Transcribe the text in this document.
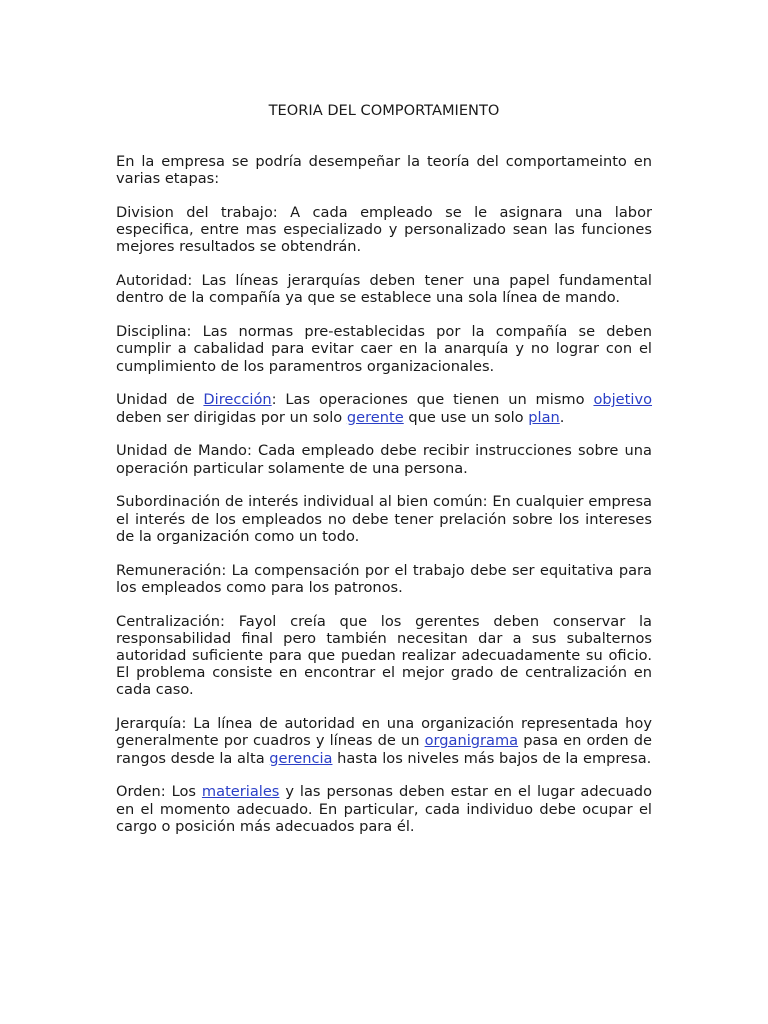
TEORIA DEL COMPORTAMIENTO

En la empresa se podría desempeñar la teoría del comportameinto en varias etapas:

Division del trabajo: A cada empleado se le asignara una labor especifica, entre mas especializado y personalizado sean las funciones mejores resultados se obtendrán.

Autoridad: Las líneas jerarquías deben tener una papel fundamental dentro de la compañía ya que se establece una sola línea de mando.

Disciplina: Las normas pre-establecidas por la compañía se deben cumplir a cabalidad para evitar caer en la anarquía y no lograr con el cumplimiento de los paramentros organizacionales.

Unidad de Dirección: Las operaciones que tienen un mismo objetivo deben ser dirigidas por un solo gerente que use un solo plan.

Unidad de Mando: Cada empleado debe recibir instrucciones sobre una operación particular solamente de una persona.

Subordinación de interés individual al bien común: En cualquier empresa el interés de los empleados no debe tener prelación sobre los intereses de la organización como un todo.

Remuneración: La compensación por el trabajo debe ser equitativa para los empleados como para los patronos.

Centralización: Fayol creía que los gerentes deben conservar la responsabilidad final pero también necesitan dar a sus subalternos autoridad suficiente para que puedan realizar adecuadamente su oficio. El problema consiste en encontrar el mejor grado de centralización en cada caso.

Jerarquía: La línea de autoridad en una organización representada hoy generalmente por cuadros y líneas de un organigrama pasa en orden de rangos desde la alta gerencia hasta los niveles más bajos de la empresa.

Orden: Los materiales y las personas deben estar en el lugar adecuado en el momento adecuado. En particular, cada individuo debe ocupar el cargo o posición más adecuados para él.
